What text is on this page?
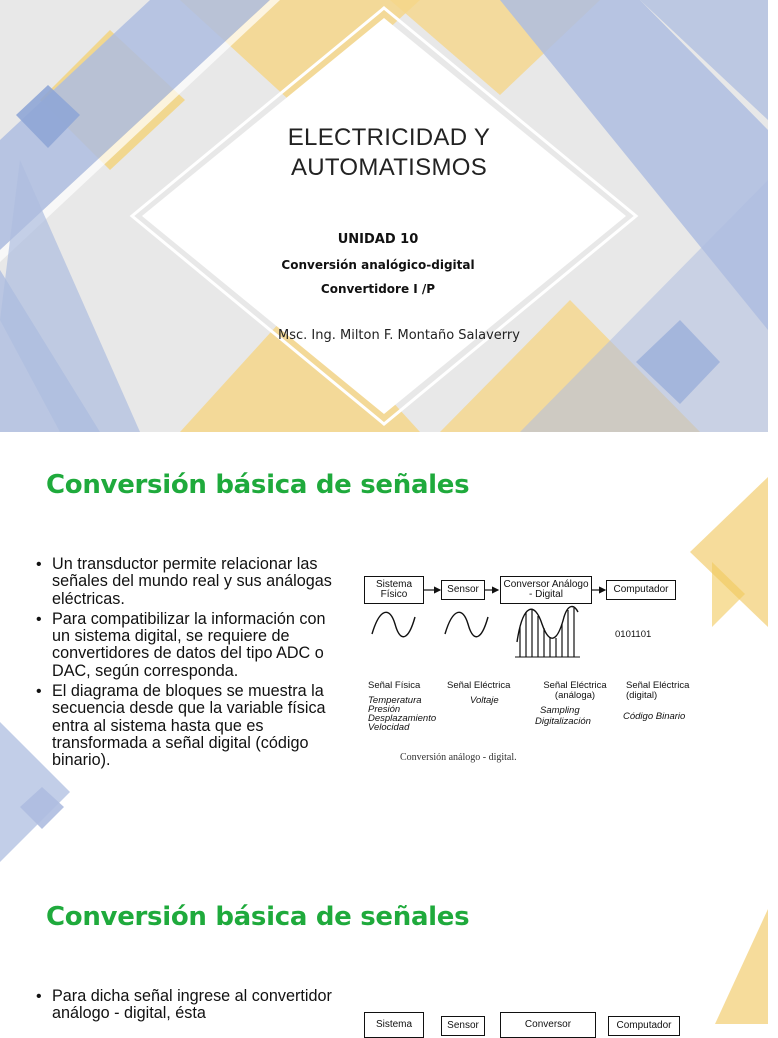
ELECTRICIDAD Y
AUTOMATISMOS
UNIDAD 10
Conversión analógico-digital
Convertidore I /P
Msc. Ing. Milton F. Montaño Salaverry
Conversión básica de señales
• Un transductor permite relacionar las señales del mundo real y sus análogas eléctricas.
• Para compatibilizar la información con un sistema digital, se requiere de convertidores de datos del tipo ADC o DAC, según corresponda.
• El diagrama de bloques se muestra la secuencia desde que la variable física entra al sistema hasta que es transformada a señal digital (código binario).
Sistema Físico	Sensor	Conversor Análogo - Digital	Computador
0101101
Señal Física	Señal Eléctrica	Señal Eléctrica (análoga)
Señal Eléctrica (digital)
Temperatura
Presión
Desplazamiento
Velocidad
Voltaje
Sampling
Digitalización	Código Binario
Conversión análogo - digital.
Conversión básica de señales
• Para dicha señal ingrese al convertidor análogo - digital, ésta
Sistema	Sensor	Conversor	Computador
